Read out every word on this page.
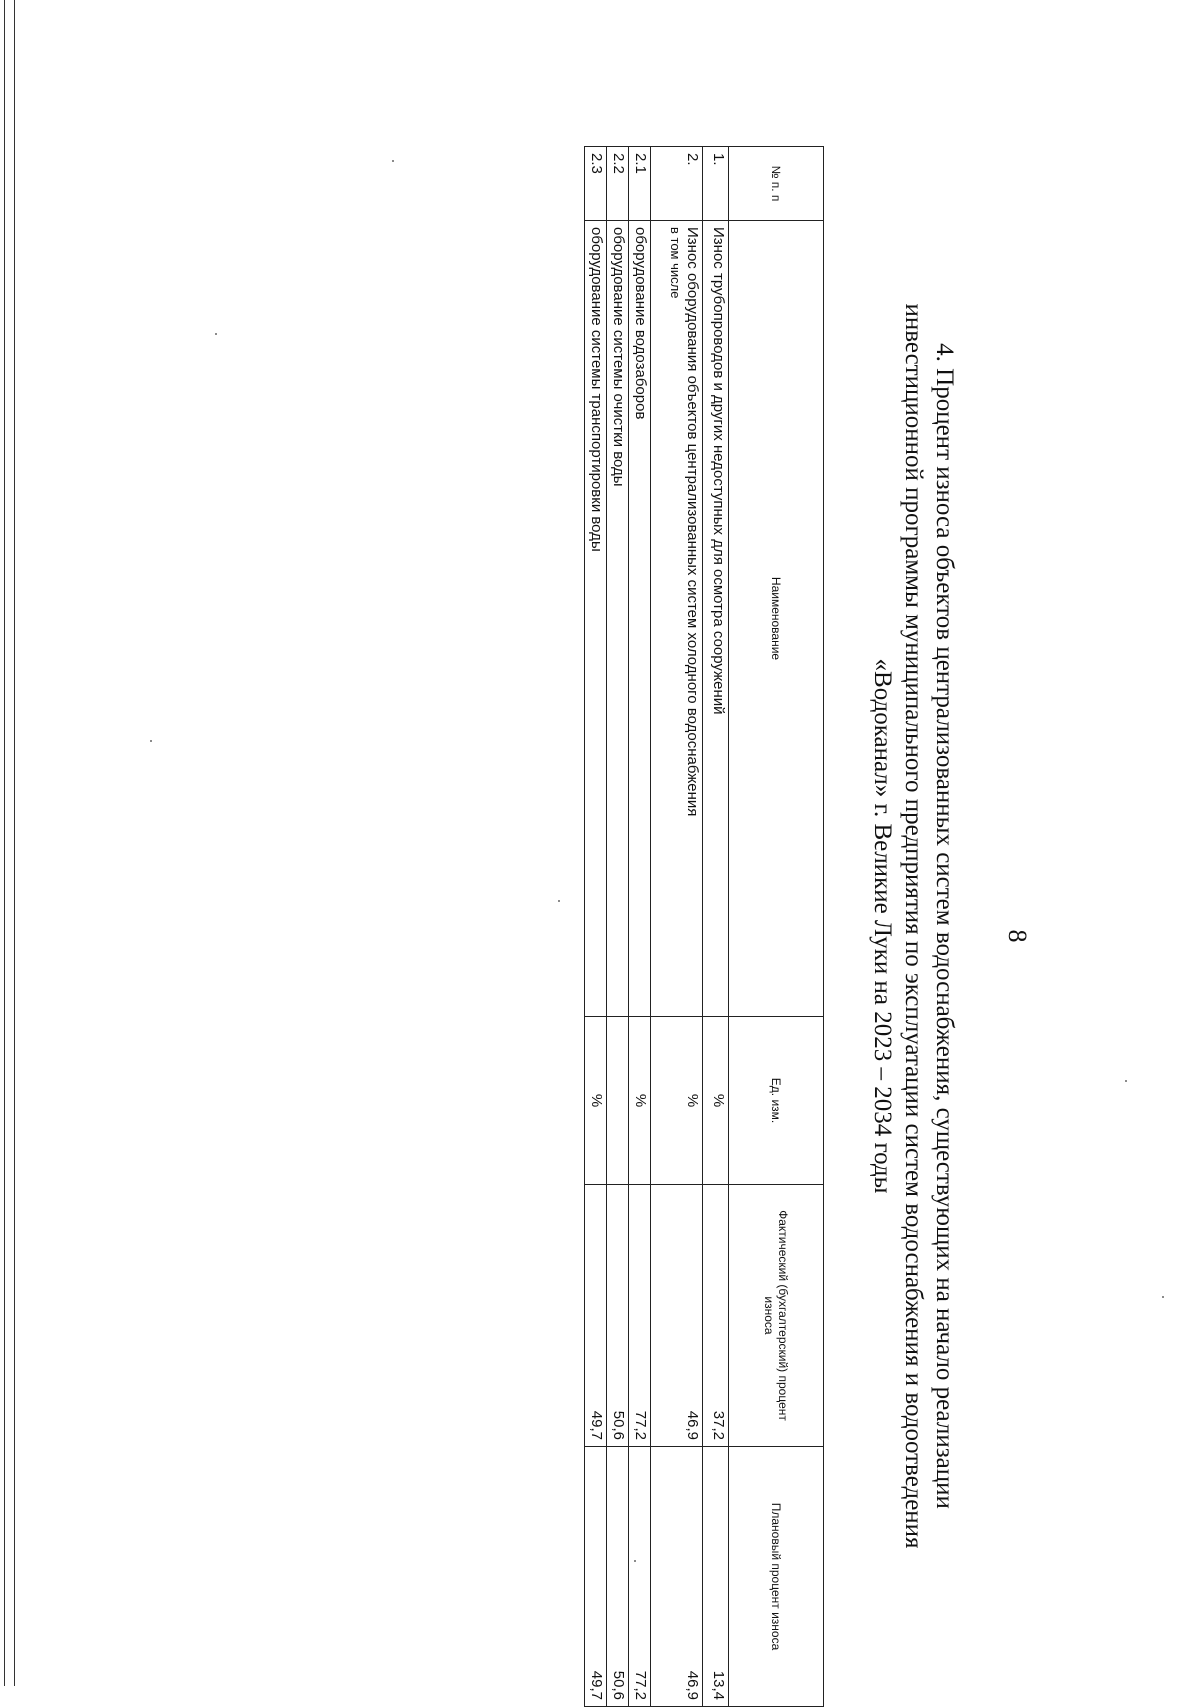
8
4. Процент износа объектов централизованных систем водоснабжения, существующих на начало реализации
инвестиционной программы муниципального предприятия по эксплуатации систем водоснабжения и водоотведения
«Водоканал» г. Великие Луки на 2023 – 2034 годы
№ п. п	Наименование	Ед. изм.	Фактический (бухгалтерский) процент износа	Плановый процент износа
1.	Износ трубопроводов и других недоступных для осмотра сооружений	%	37,2	13,4
2.	Износ оборудования объектов централизованных систем холодного водоснабжения
в том числе	%	46,9	46,9
2.1	оборудование водозаборов	%	77,2	77,2
2.2	оборудование системы очистки воды		50,6	50,6
2.3	оборудование системы транспортировки воды	%	49,7	49,7
